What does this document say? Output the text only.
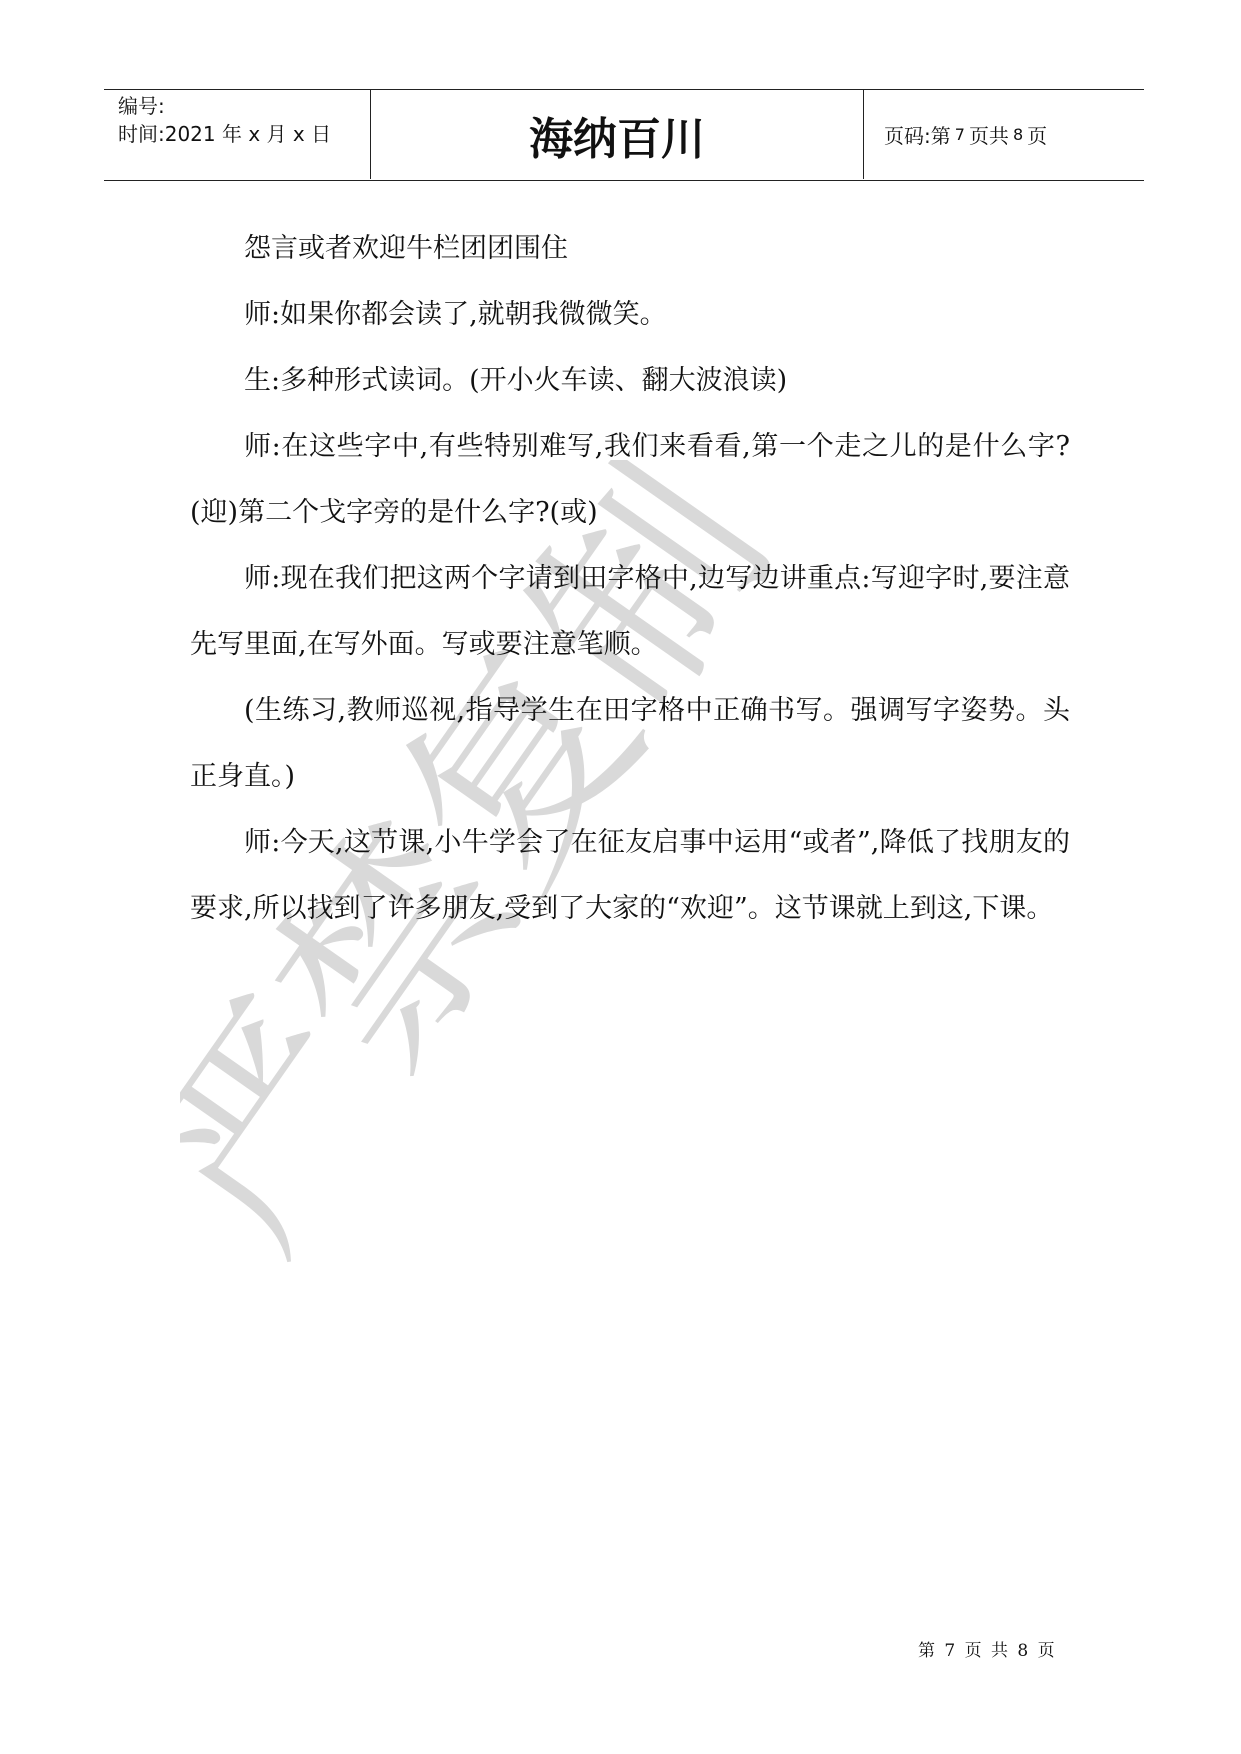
严禁复制
编号:
时间:2021 年 x 月 x 日	海纳百川	页码:第 7 页共 8 页

怨言或者欢迎牛栏团团围住

师:如果你都会读了,就朝我微微笑。

生:多种形式读词。(开小火车读、翻大波浪读)

师:在这些字中,有些特别难写,我们来看看,第一个走之儿的是什么字?(迎)第二个戈字旁的是什么字?(或)

师:现在我们把这两个字请到田字格中,边写边讲重点:写迎字时,要注意先写里面,在写外面。写或要注意笔顺。

(生练习,教师巡视,指导学生在田字格中正确书写。强调写字姿势。头正身直。)

师:今天,这节课,小牛学会了在征友启事中运用“或者”,降低了找朋友的要求,所以找到了许多朋友,受到了大家的“欢迎”。这节课就上到这,下课。

第 7 页 共 8 页
